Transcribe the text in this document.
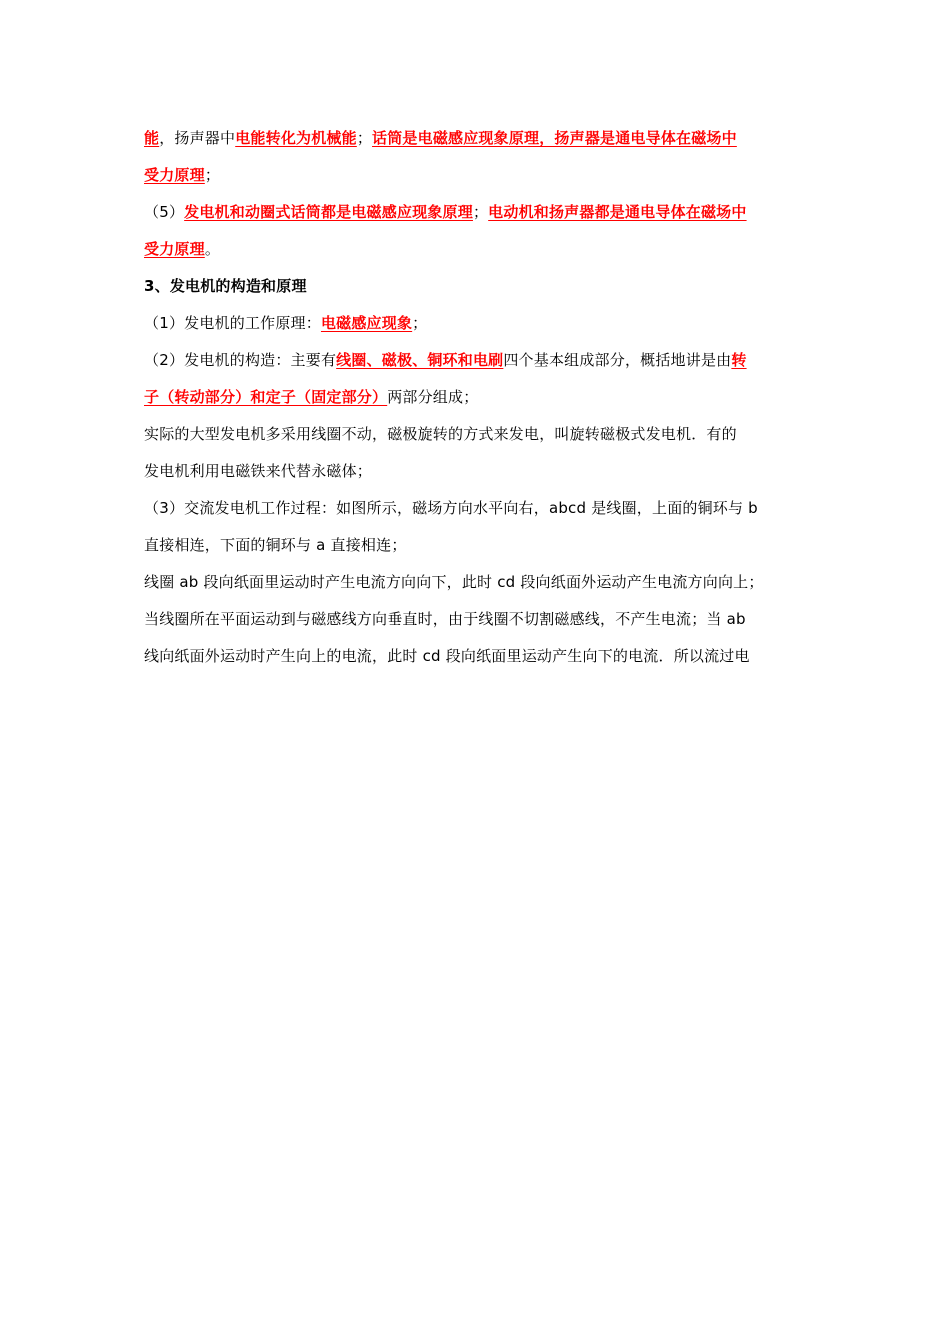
能，扬声器中电能转化为机械能；话筒是电磁感应现象原理，扬声器是通电导体在磁场中
受力原理；
（5）发电机和动圈式话筒都是电磁感应现象原理；电动机和扬声器都是通电导体在磁场中
受力原理。
3、发电机的构造和原理
（1）发电机的工作原理：电磁感应现象；
（2）发电机的构造：主要有线圈、磁极、铜环和电刷四个基本组成部分，概括地讲是由转
子（转动部分）和定子（固定部分）两部分组成；
实际的大型发电机多采用线圈不动，磁极旋转的方式来发电，叫旋转磁极式发电机．有的
发电机利用电磁铁来代替永磁体；
（3）交流发电机工作过程：如图所示，磁场方向水平向右，abcd 是线圈，上面的铜环与 b
直接相连，下面的铜环与 a 直接相连；
线圈 ab 段向纸面里运动时产生电流方向向下，此时 cd 段向纸面外运动产生电流方向向上；
当线圈所在平面运动到与磁感线方向垂直时，由于线圈不切割磁感线，不产生电流；当 ab
线向纸面外运动时产生向上的电流，此时 cd 段向纸面里运动产生向下的电流．所以流过电
